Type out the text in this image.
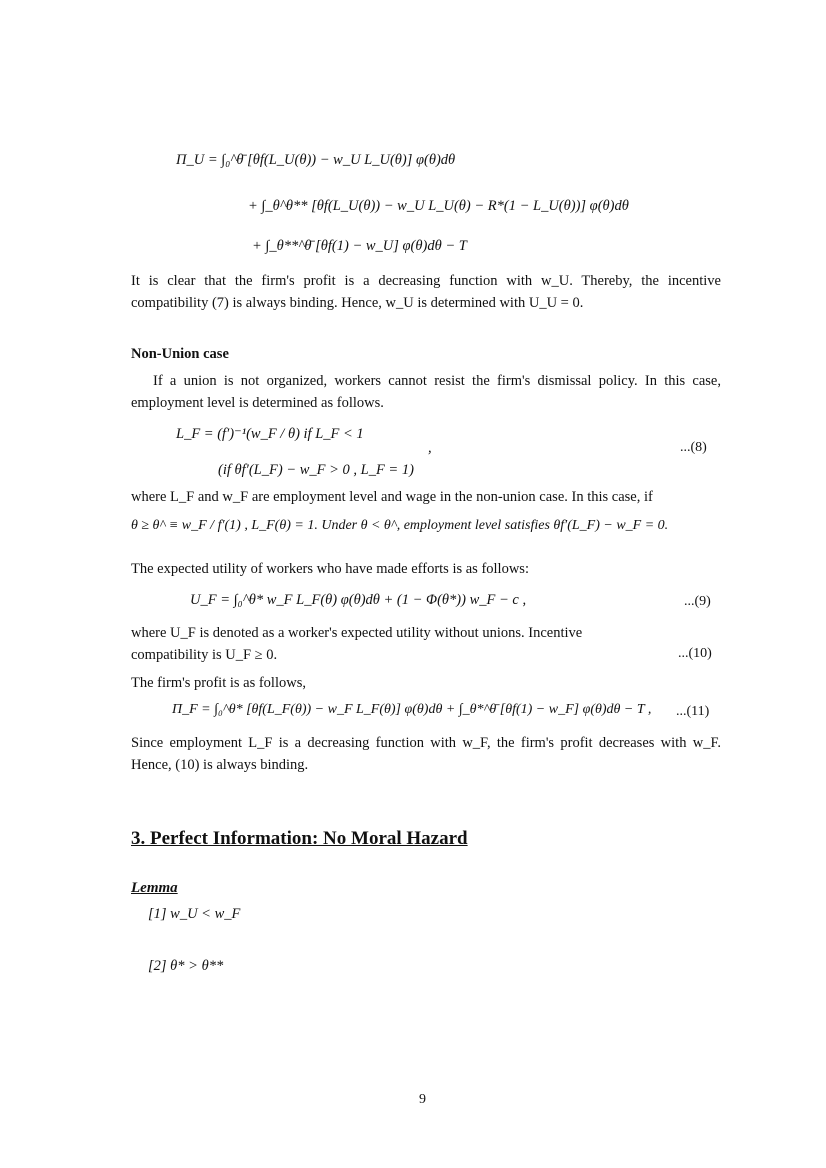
Π_U = ∫₀^θ̄ [θf(L_U(θ)) − w_U L_U(θ)] φ(θ)dθ
+ ∫_θ^θ** [θf(L_U(θ)) − w_U L_U(θ) − R*(1 − L_U(θ))] φ(θ)dθ
+ ∫_θ**^θ̄ [θf(1) − w_U] φ(θ)dθ − T
It is clear that the firm's profit is a decreasing function with w_U. Thereby, the incentive compatibility (7) is always binding. Hence, w_U is determined with U_U = 0.
Non-Union case
If a union is not organized, workers cannot resist the firm's dismissal policy. In this case, employment level is determined as follows.
L_F = (f′)⁻¹(w_F / θ) if L_F < 1
,	...(8)
(if θf′(L_F) − w_F > 0 , L_F = 1)
where L_F and w_F are employment level and wage in the non-union case. In this case, if
θ ≥ θ^ ≡ w_F / f′(1) , L_F(θ) = 1. Under θ < θ^, employment level satisfies θf′(L_F) − w_F = 0.
The expected utility of workers who have made efforts is as follows:
U_F = ∫₀^θ* w_F L_F(θ) φ(θ)dθ + (1 − Φ(θ*)) w_F − c ,	...(9)
where U_F is denoted as a worker's expected utility without unions. Incentive
compatibility is U_F ≥ 0.	...(10)
The firm's profit is as follows,
Π_F = ∫₀^θ* [θf(L_F(θ)) − w_F L_F(θ)] φ(θ)dθ + ∫_θ*^θ̄ [θf(1) − w_F] φ(θ)dθ − T , ...(11)
Since employment L_F is a decreasing function with w_F, the firm's profit decreases with w_F. Hence, (10) is always binding.
3. Perfect Information: No Moral Hazard
Lemma
[1] w_U < w_F
[2] θ* > θ**
9
